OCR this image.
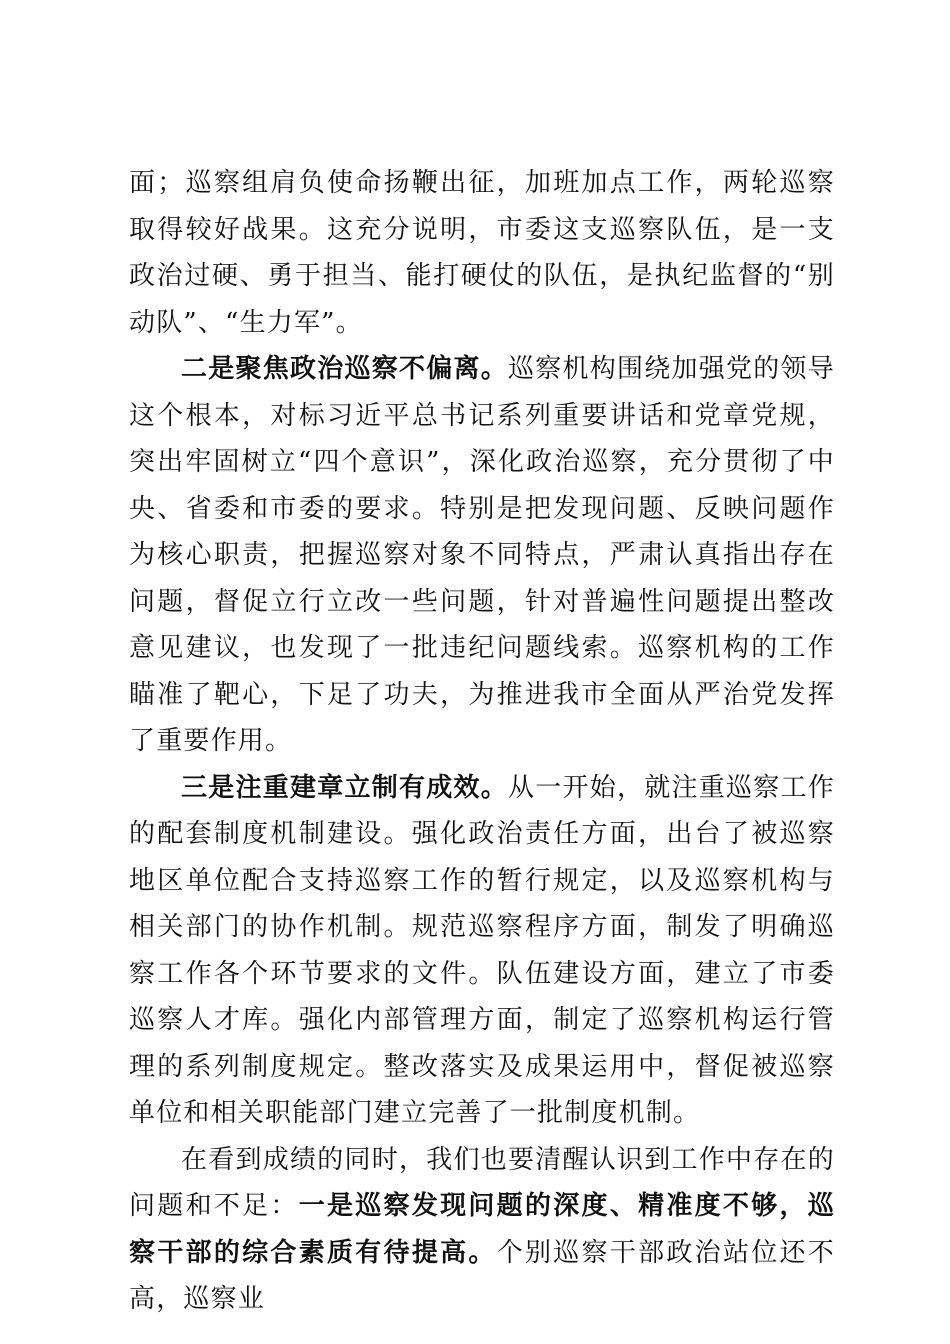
面；巡察组肩负使命扬鞭出征，加班加点工作，两轮巡察取得较好战果。这充分说明，市委这支巡察队伍，是一支政治过硬、勇于担当、能打硬仗的队伍，是执纪监督的“别动队”、“生力军”。

二是聚焦政治巡察不偏离。巡察机构围绕加强党的领导这个根本，对标习近平总书记系列重要讲话和党章党规，突出牢固树立“四个意识”，深化政治巡察，充分贯彻了中央、省委和市委的要求。特别是把发现问题、反映问题作为核心职责，把握巡察对象不同特点，严肃认真指出存在问题，督促立行立改一些问题，针对普遍性问题提出整改意见建议，也发现了一批违纪问题线索。巡察机构的工作瞄准了靶心，下足了功夫，为推进我市全面从严治党发挥了重要作用。

三是注重建章立制有成效。从一开始，就注重巡察工作的配套制度机制建设。强化政治责任方面，出台了被巡察地区单位配合支持巡察工作的暂行规定，以及巡察机构与相关部门的协作机制。规范巡察程序方面，制发了明确巡察工作各个环节要求的文件。队伍建设方面，建立了市委巡察人才库。强化内部管理方面，制定了巡察机构运行管理的系列制度规定。整改落实及成果运用中，督促被巡察单位和相关职能部门建立完善了一批制度机制。

在看到成绩的同时，我们也要清醒认识到工作中存在的问题和不足：一是巡察发现问题的深度、精准度不够，巡察干部的综合素质有待提高。个别巡察干部政治站位还不高，巡察业
